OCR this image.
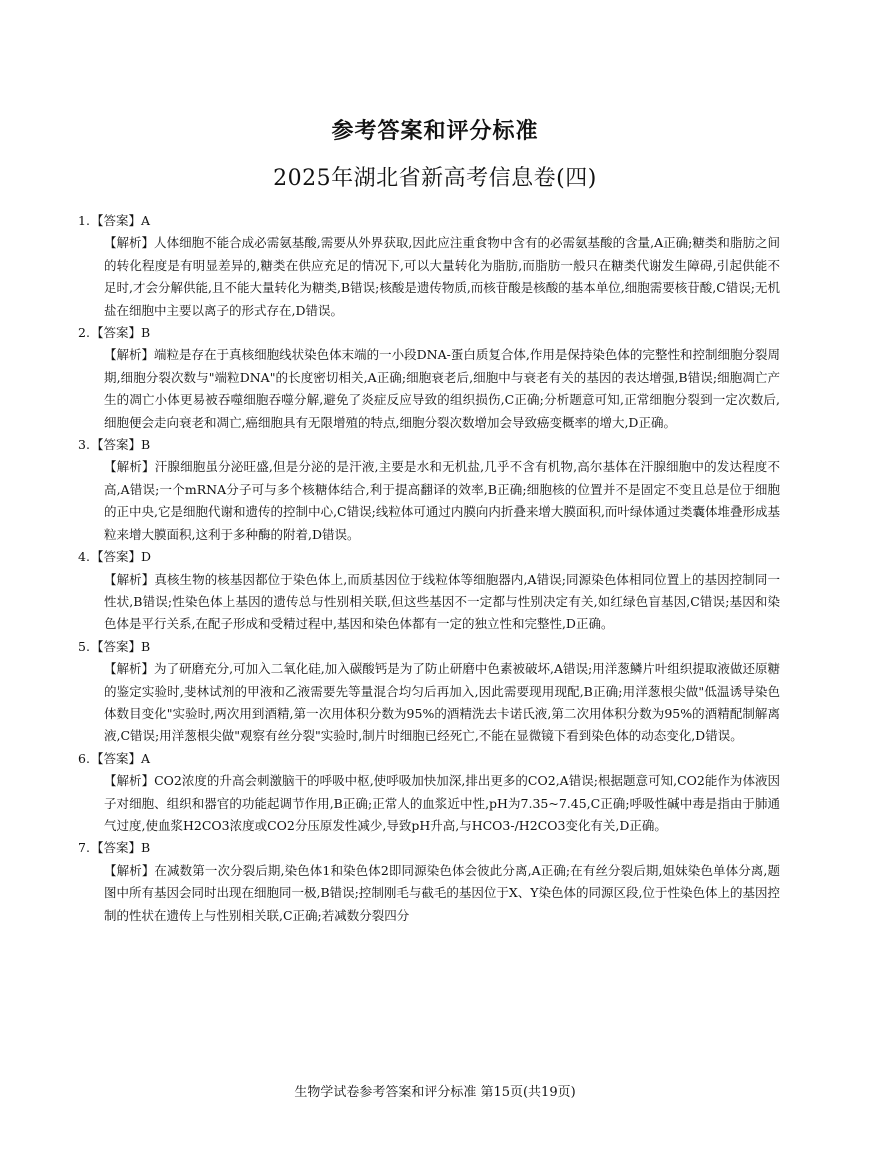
参考答案和评分标准
2025年湖北省新高考信息卷(四)

1. 【答案】A

【解析】人体细胞不能合成必需氨基酸,需要从外界获取,因此应注重食物中含有的必需氨基酸的含量,A正确;糖类和脂肪之间的转化程度是有明显差异的,糖类在供应充足的情况下,可以大量转化为脂肪,而脂肪一般只在糖类代谢发生障碍,引起供能不足时,才会分解供能,且不能大量转化为糖类,B错误;核酸是遗传物质,而核苷酸是核酸的基本单位,细胞需要核苷酸,C错误;无机盐在细胞中主要以离子的形式存在,D错误。

2. 【答案】B

【解析】端粒是存在于真核细胞线状染色体末端的一小段DNA-蛋白质复合体,作用是保持染色体的完整性和控制细胞分裂周期,细胞分裂次数与"端粒DNA"的长度密切相关,A正确;细胞衰老后,细胞中与衰老有关的基因的表达增强,B错误;细胞凋亡产生的凋亡小体更易被吞噬细胞吞噬分解,避免了炎症反应导致的组织损伤,C正确;分析题意可知,正常细胞分裂到一定次数后,细胞便会走向衰老和凋亡,癌细胞具有无限增殖的特点,细胞分裂次数增加会导致癌变概率的增大,D正确。

3. 【答案】B

【解析】汗腺细胞虽分泌旺盛,但是分泌的是汗液,主要是水和无机盐,几乎不含有机物,高尔基体在汗腺细胞中的发达程度不高,A错误;一个mRNA分子可与多个核糖体结合,利于提高翻译的效率,B正确;细胞核的位置并不是固定不变且总是位于细胞的正中央,它是细胞代谢和遗传的控制中心,C错误;线粒体可通过内膜向内折叠来增大膜面积,而叶绿体通过类囊体堆叠形成基粒来增大膜面积,这利于多种酶的附着,D错误。

4. 【答案】D

【解析】真核生物的核基因都位于染色体上,而质基因位于线粒体等细胞器内,A错误;同源染色体相同位置上的基因控制同一性状,B错误;性染色体上基因的遗传总与性别相关联,但这些基因不一定都与性别决定有关,如红绿色盲基因,C错误;基因和染色体是平行关系,在配子形成和受精过程中,基因和染色体都有一定的独立性和完整性,D正确。

5. 【答案】B

【解析】为了研磨充分,可加入二氧化硅,加入碳酸钙是为了防止研磨中色素被破坏,A错误;用洋葱鳞片叶组织提取液做还原糖的鉴定实验时,斐林试剂的甲液和乙液需要先等量混合均匀后再加入,因此需要现用现配,B正确;用洋葱根尖做"低温诱导染色体数目变化"实验时,两次用到酒精,第一次用体积分数为95%的酒精洗去卡诺氏液,第二次用体积分数为95%的酒精配制解离液,C错误;用洋葱根尖做"观察有丝分裂"实验时,制片时细胞已经死亡,不能在显微镜下看到染色体的动态变化,D错误。

6. 【答案】A

【解析】CO2浓度的升高会刺激脑干的呼吸中枢,使呼吸加快加深,排出更多的CO2,A错误;根据题意可知,CO2能作为体液因子对细胞、组织和器官的功能起调节作用,B正确;正常人的血浆近中性,pH为7.35~7.45,C正确;呼吸性碱中毒是指由于肺通气过度,使血浆H2CO3浓度或CO2分压原发性减少,导致pH升高,与HCO3-/H2CO3变化有关,D正确。

7. 【答案】B

【解析】在减数第一次分裂后期,染色体1和染色体2即同源染色体会彼此分离,A正确;在有丝分裂后期,姐妹染色单体分离,题图中所有基因会同时出现在细胞同一极,B错误;控制刚毛与截毛的基因位于X、Y染色体的同源区段,位于性染色体上的基因控制的性状在遗传上与性别相关联,C正确;若减数分裂四分

生物学试卷参考答案和评分标准 第15页(共19页)
